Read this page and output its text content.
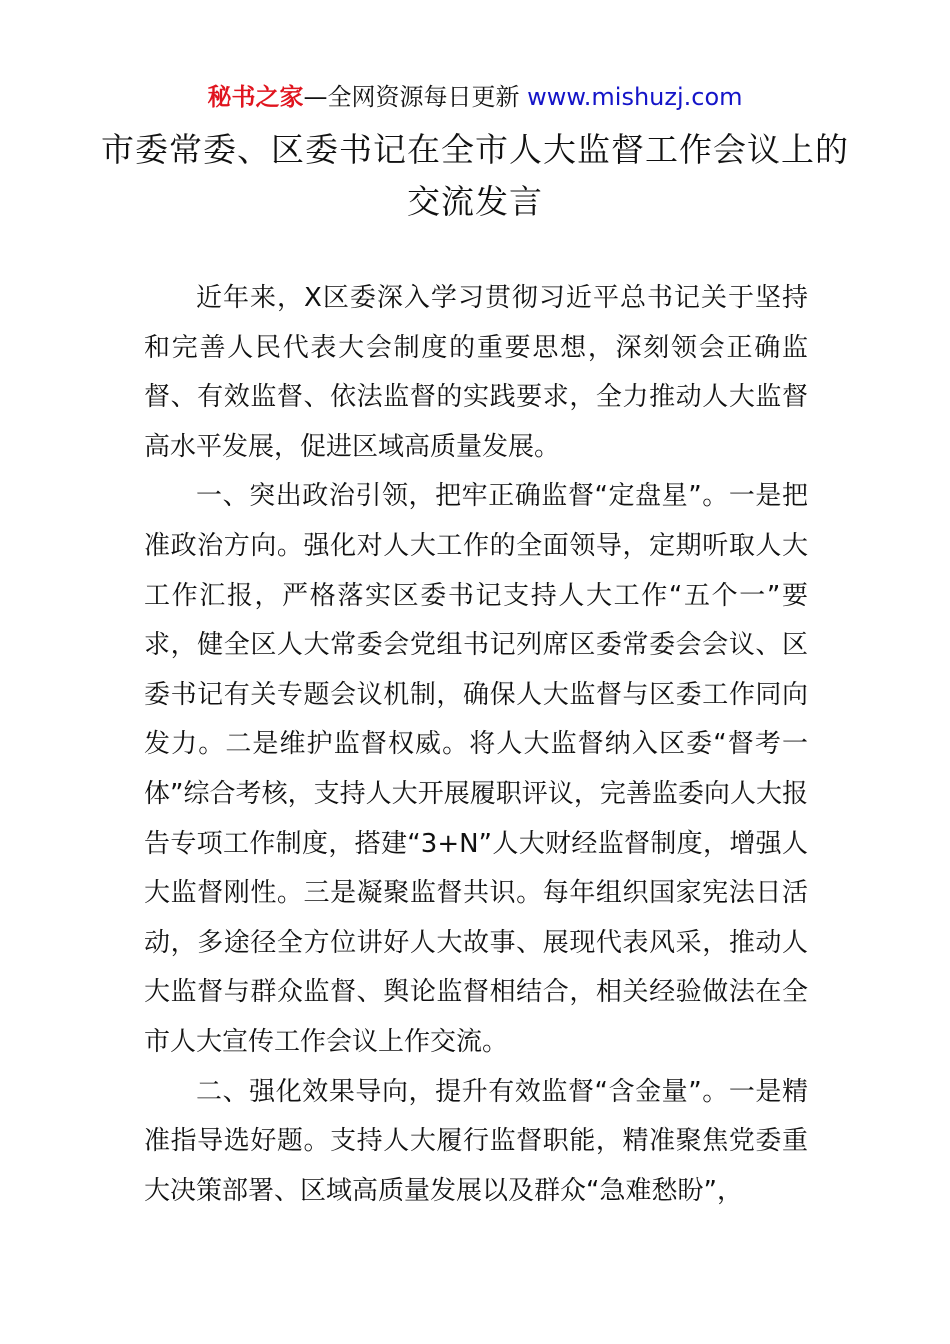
秘书之家—全网资源每日更新 www.mishuzj.com
市委常委、区委书记在全市人大监督工作会议上的交流发言

近年来，X区委深入学习贯彻习近平总书记关于坚持和完善人民代表大会制度的重要思想，深刻领会正确监督、有效监督、依法监督的实践要求，全力推动人大监督高水平发展，促进区域高质量发展。

一、突出政治引领，把牢正确监督“定盘星”。一是把准政治方向。强化对人大工作的全面领导，定期听取人大工作汇报，严格落实区委书记支持人大工作“五个一”要求，健全区人大常委会党组书记列席区委常委会会议、区委书记有关专题会议机制，确保人大监督与区委工作同向发力。二是维护监督权威。将人大监督纳入区委“督考一体”综合考核，支持人大开展履职评议，完善监委向人大报告专项工作制度，搭建“3+N”人大财经监督制度，增强人大监督刚性。三是凝聚监督共识。每年组织国家宪法日活动，多途径全方位讲好人大故事、展现代表风采，推动人大监督与群众监督、舆论监督相结合，相关经验做法在全市人大宣传工作会议上作交流。

二、强化效果导向，提升有效监督“含金量”。一是精准指导选好题。支持人大履行监督职能，精准聚焦党委重大决策部署、区域高质量发展以及群众“急难愁盼”，
